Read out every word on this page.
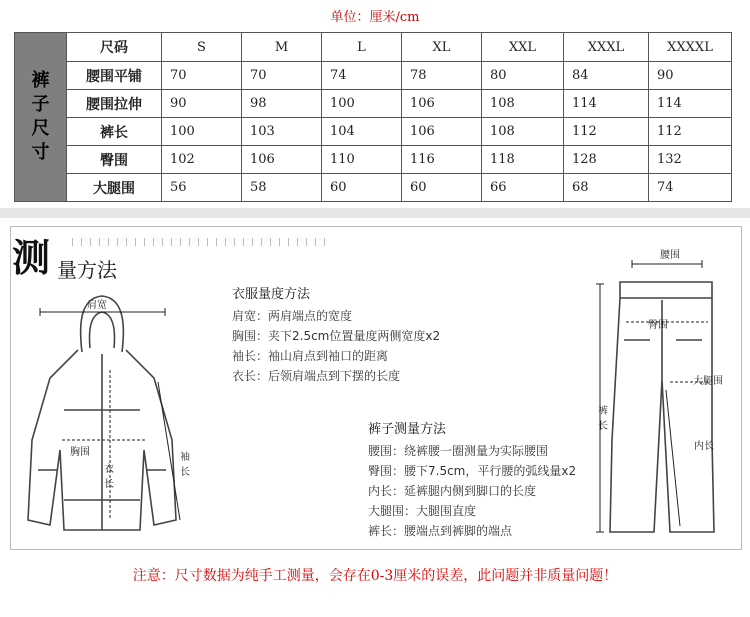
单位：厘米/cm
裤
子
尺
寸	尺码	S	M	L	XL	XXL	XXXL	XXXXL
	腰围平铺	70	70	74	78	80	84	90
	腰围拉伸	90	98	100	106	108	114	114
	裤长	100	103	104	106	108	112	112
	臀围	102	106	110	116	118	128	132
	大腿围	56	58	60	60	66	68	74
测 量方法
肩宽
胸围
衣长
袖长
衣服量度方法
肩宽：两肩端点的宽度
胸围：夹下2.5cm位置量度两侧宽度x2
袖长：袖山肩点到袖口的距离
衣长：后领肩端点到下摆的长度
裤子测量方法
腰围：绕裤腰一圈测量为实际腰围
臀围：腰下7.5cm，平行腰的弧线量x2
内长：延裤腿内侧到脚口的长度
大腿围：大腿围直度
裤长：腰端点到裤脚的端点
腰围
臀围
大腿围
裤长
内长
注意：尺寸数据为纯手工测量，会存在0-3厘米的误差，此问题并非质量问题！
